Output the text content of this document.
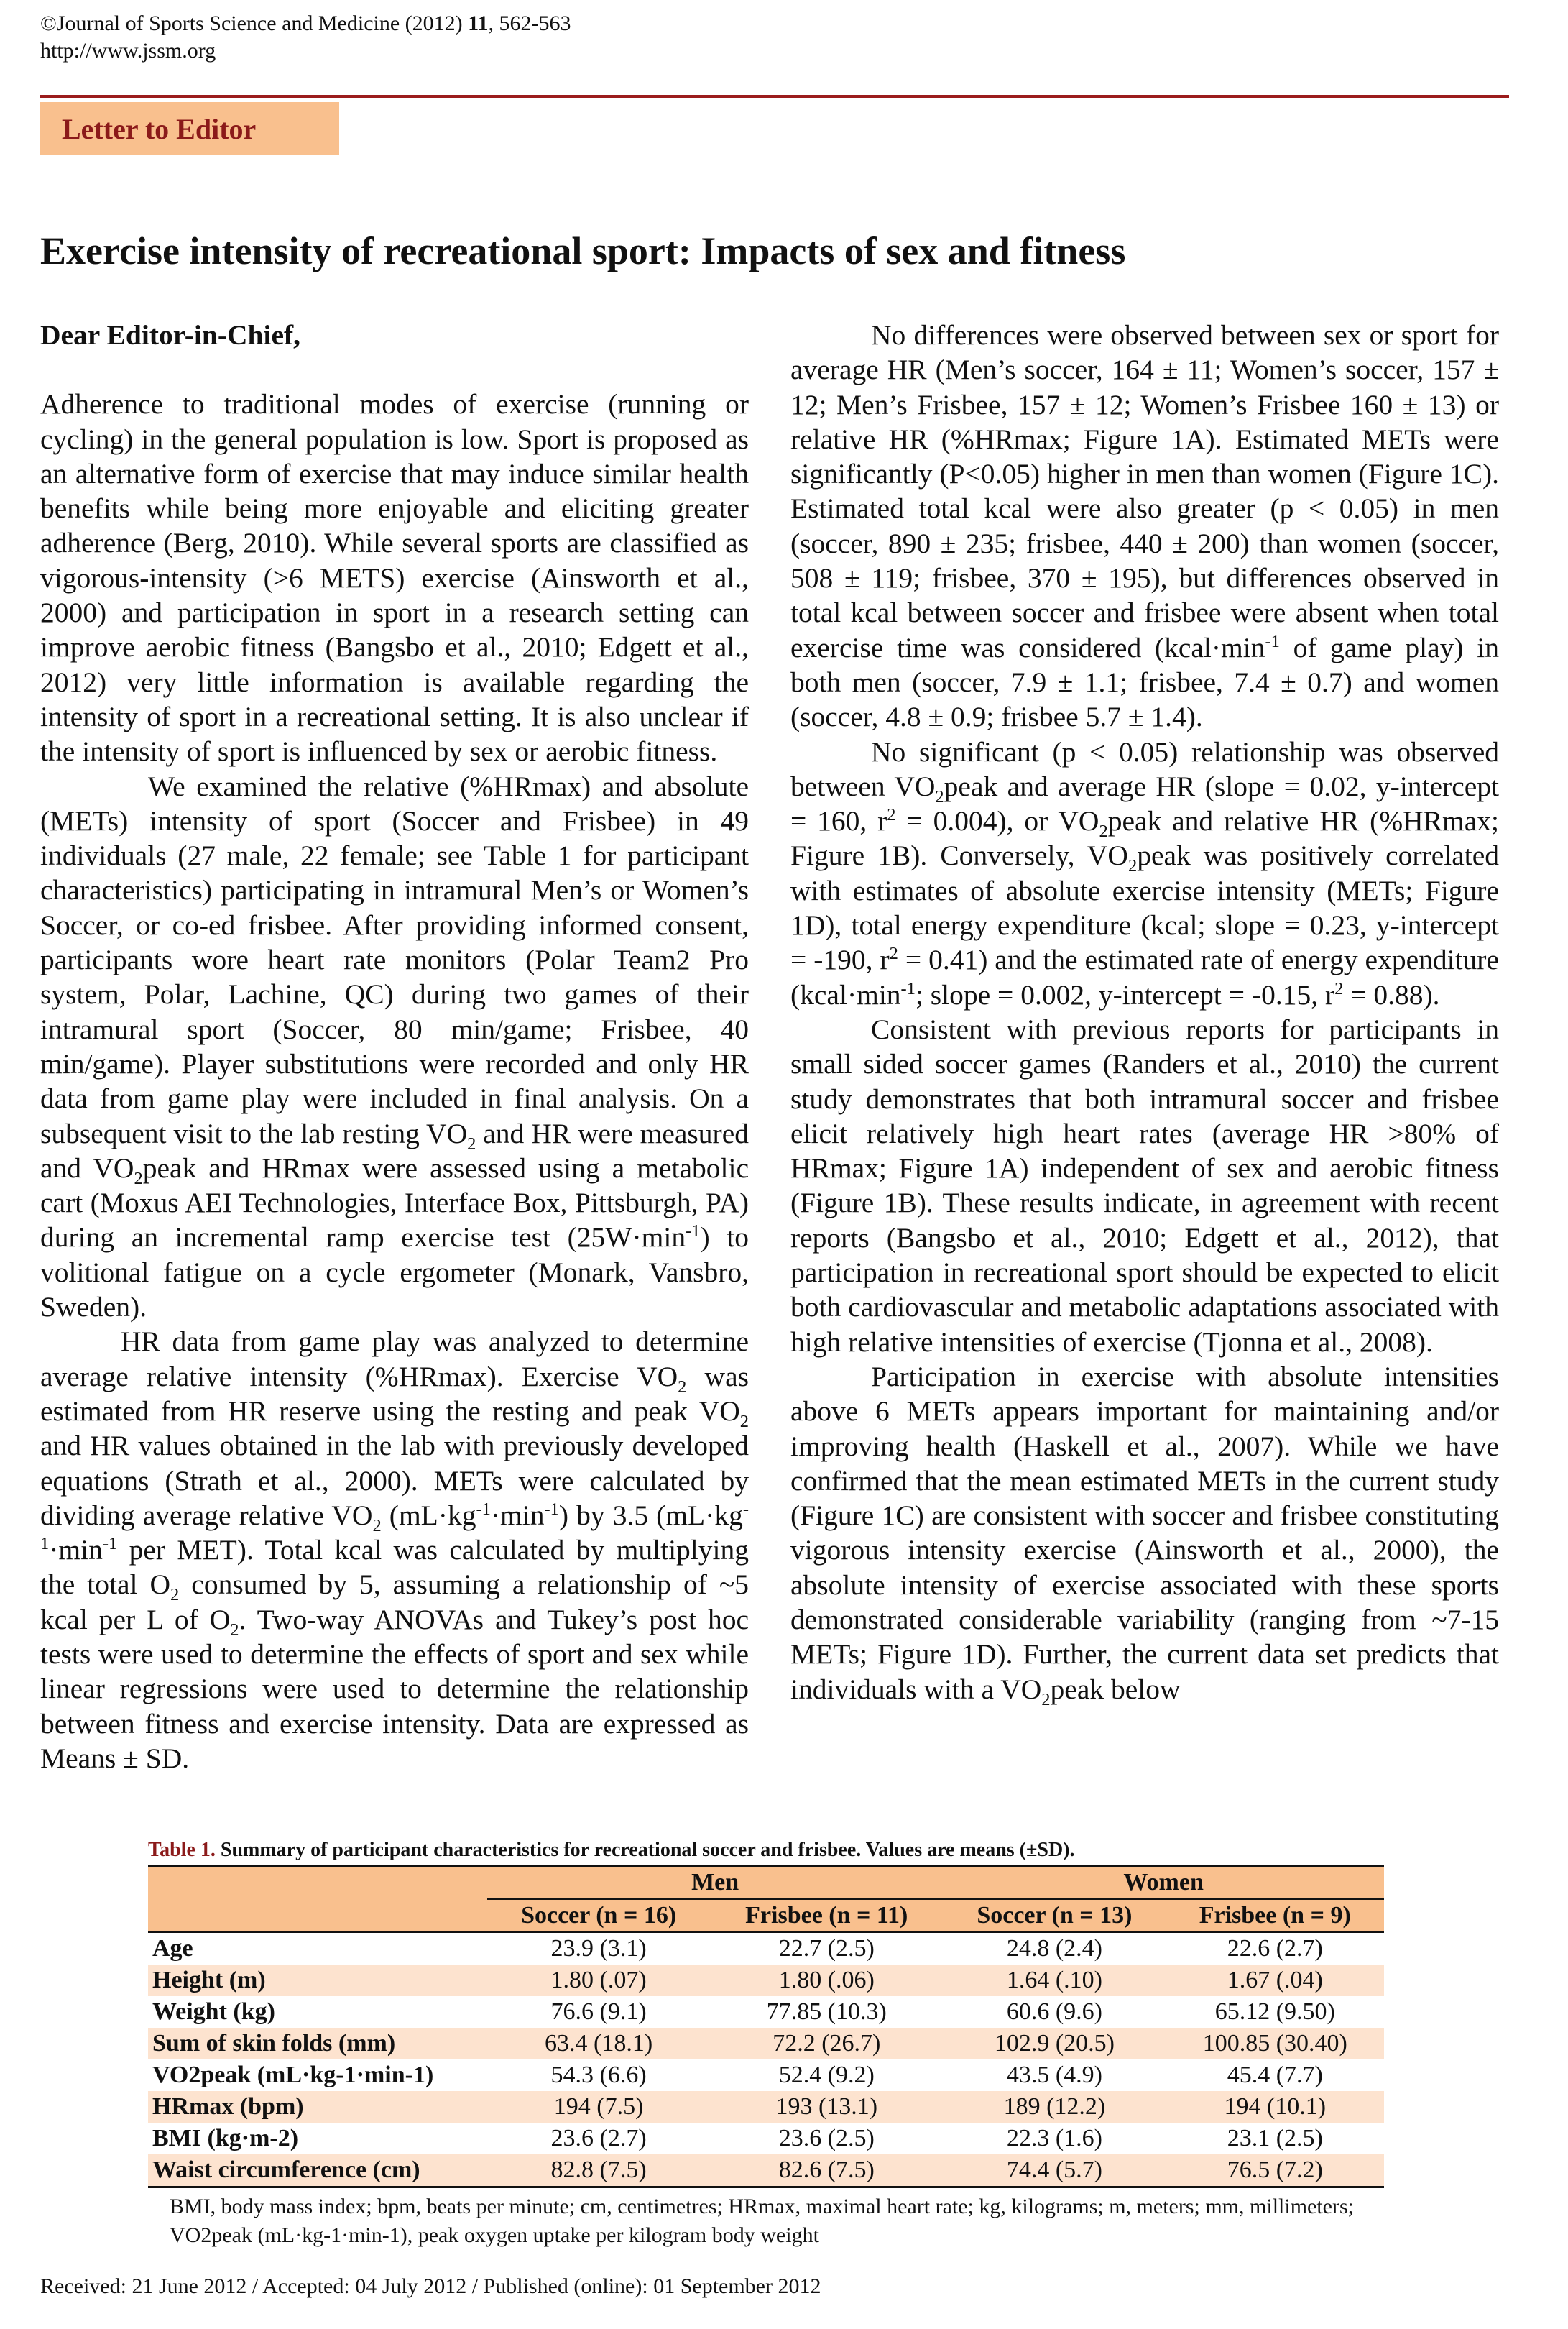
©Journal of Sports Science and Medicine (2012) 11, 562-563
http://www.jssm.org
Letter to Editor
Exercise intensity of recreational sport: Impacts of sex and fitness

Dear Editor-in-Chief,

Adherence to traditional modes of exercise (running or cycling) in the general population is low. Sport is proposed as an alternative form of exercise that may induce similar health benefits while being more enjoyable and eliciting greater adherence (Berg, 2010). While several sports are classified as vigorous-intensity (>6 METS) exercise (Ainsworth et al., 2000) and participation in sport in a research setting can improve aerobic fitness (Bangsbo et al., 2010; Edgett et al., 2012) very little information is available regarding the intensity of sport in a recreational setting. It is also unclear if the intensity of sport is influenced by sex or aerobic fitness.

We examined the relative (%HRmax) and absolute (METs) intensity of sport (Soccer and Frisbee) in 49 individuals (27 male, 22 female; see Table 1 for participant characteristics) participating in intramural Men’s or Women’s Soccer, or co-ed frisbee. After providing informed consent, participants wore heart rate monitors (Polar Team2 Pro system, Polar, Lachine, QC) during two games of their intramural sport (Soccer, 80 min/game; Frisbee, 40 min/game). Player substitutions were recorded and only HR data from game play were included in final analysis. On a subsequent visit to the lab resting $VO_2$ and HR were measured and $VO_2peak$ and HRmax were assessed using a metabolic cart (Moxus AEI Technologies, Interface Box, Pittsburgh, PA) during an incremental ramp exercise test $(25W\cdot\min^{-1})$ to volitional fatigue on a cycle ergometer (Monark, Vansbro, Sweden).

HR data from game play was analyzed to determine average relative intensity (%HRmax). Exercise $VO_2$ was estimated from HR reserve using the resting and peak $VO_2$ and HR values obtained in the lab with previously developed equations (Strath et al., 2000). METs were calculated by dividing average relative $VO_2$ $(mL\cdot kg^{-1}\cdot\min^{-1})$ by 3.5 ($mL\cdot kg^{-1}\cdot\min^{-1}$ per MET). Total kcal was calculated by multiplying the total $O_2$ consumed by 5, assuming a relationship of ~5 kcal per L of $O_2$. Two-way ANOVAs and Tukey’s post hoc tests were used to determine the effects of sport and sex while linear regressions were used to determine the relationship between fitness and exercise intensity. Data are expressed as Means ± SD.

No differences were observed between sex or sport for average HR (Men’s soccer, 164 ± 11; Women’s soccer, 157 ± 12; Men’s Frisbee, 157 ± 12; Women’s Frisbee 160 ± 13) or relative HR (%HRmax; Figure 1A). Estimated METs were significantly (P<0.05) higher in men than women (Figure 1C). Estimated total kcal were also greater (p < 0.05) in men (soccer, 890 ± 235; frisbee, 440 ± 200) than women (soccer, 508 ± 119; frisbee, 370 ± 195), but differences observed in total kcal between soccer and frisbee were absent when total exercise time was considered ($kcal\cdot\min^{-1}$ of game play) in both men (soccer, 7.9 ± 1.1; frisbee, 7.4 ± 0.7) and women (soccer, 4.8 ± 0.9; frisbee 5.7 ± 1.4).

No significant (p < 0.05) relationship was observed between $VO_2peak$ and average HR (slope = 0.02, y-intercept = 160, $r^2 = 0.004$), or $VO_2peak$ and relative HR (%HRmax; Figure 1B). Conversely, $VO_2peak$ was positively correlated with estimates of absolute exercise intensity (METs; Figure 1D), total energy expenditure (kcal; slope = 0.23, y-intercept = -190, $r^2 = 0.41$) and the estimated rate of energy expenditure ($kcal\cdot\min^{-1}$; slope = 0.002, y-intercept = -0.15, $r^2 = 0.88$).

Consistent with previous reports for participants in small sided soccer games (Randers et al., 2010) the current study demonstrates that both intramural soccer and frisbee elicit relatively high heart rates (average HR >80% of HRmax; Figure 1A) independent of sex and aerobic fitness (Figure 1B). These results indicate, in agreement with recent reports (Bangsbo et al., 2010; Edgett et al., 2012), that participation in recreational sport should be expected to elicit both cardiovascular and metabolic adaptations associated with high relative intensities of exercise (Tjonna et al., 2008).

Participation in exercise with absolute intensities above 6 METs appears important for maintaining and/or improving health (Haskell et al., 2007). While we have confirmed that the mean estimated METs in the current study (Figure 1C) are consistent with soccer and frisbee constituting vigorous intensity exercise (Ainsworth et al., 2000), the absolute intensity of exercise associated with these sports demonstrated considerable variability (ranging from ~7-15 METs; Figure 1D). Further, the current data set predicts that individuals with a $VO_2peak$ below

Table 1. Summary of participant characteristics for recreational soccer and frisbee. Values are means (±SD).
	Men		Women	
	Soccer (n = 16)	Frisbee (n = 11)	Soccer (n = 13)	Frisbee (n = 9)
Age	23.9 (3.1)	22.7 (2.5)	24.8 (2.4)	22.6 (2.7)
Height (m)	1.80 (.07)	1.80 (.06)	1.64 (.10)	1.67 (.04)
Weight (kg)	76.6 (9.1)	77.85 (10.3)	60.6 (9.6)	65.12 (9.50)
Sum of skin folds (mm)	63.4 (18.1)	72.2 (26.7)	102.9 (20.5)	100.85 (30.40)
VO2peak (mL·kg-1·min-1)	54.3 (6.6)	52.4 (9.2)	43.5 (4.9)	45.4 (7.7)
HRmax (bpm)	194 (7.5)	193 (13.1)	189 (12.2)	194 (10.1)
BMI (kg·m-2)	23.6 (2.7)	23.6 (2.5)	22.3 (1.6)	23.1 (2.5)
Waist circumference (cm)	82.8 (7.5)	82.6 (7.5)	74.4 (5.7)	76.5 (7.2)
BMI, body mass index; bpm, beats per minute; cm, centimetres; HRmax, maximal heart rate; kg, kilograms; m, meters; mm, millimeters; VO2peak (mL·kg-1·min-1), peak oxygen uptake per kilogram body weight
Received: 21 June 2012 / Accepted: 04 July 2012 / Published (online): 01 September 2012
